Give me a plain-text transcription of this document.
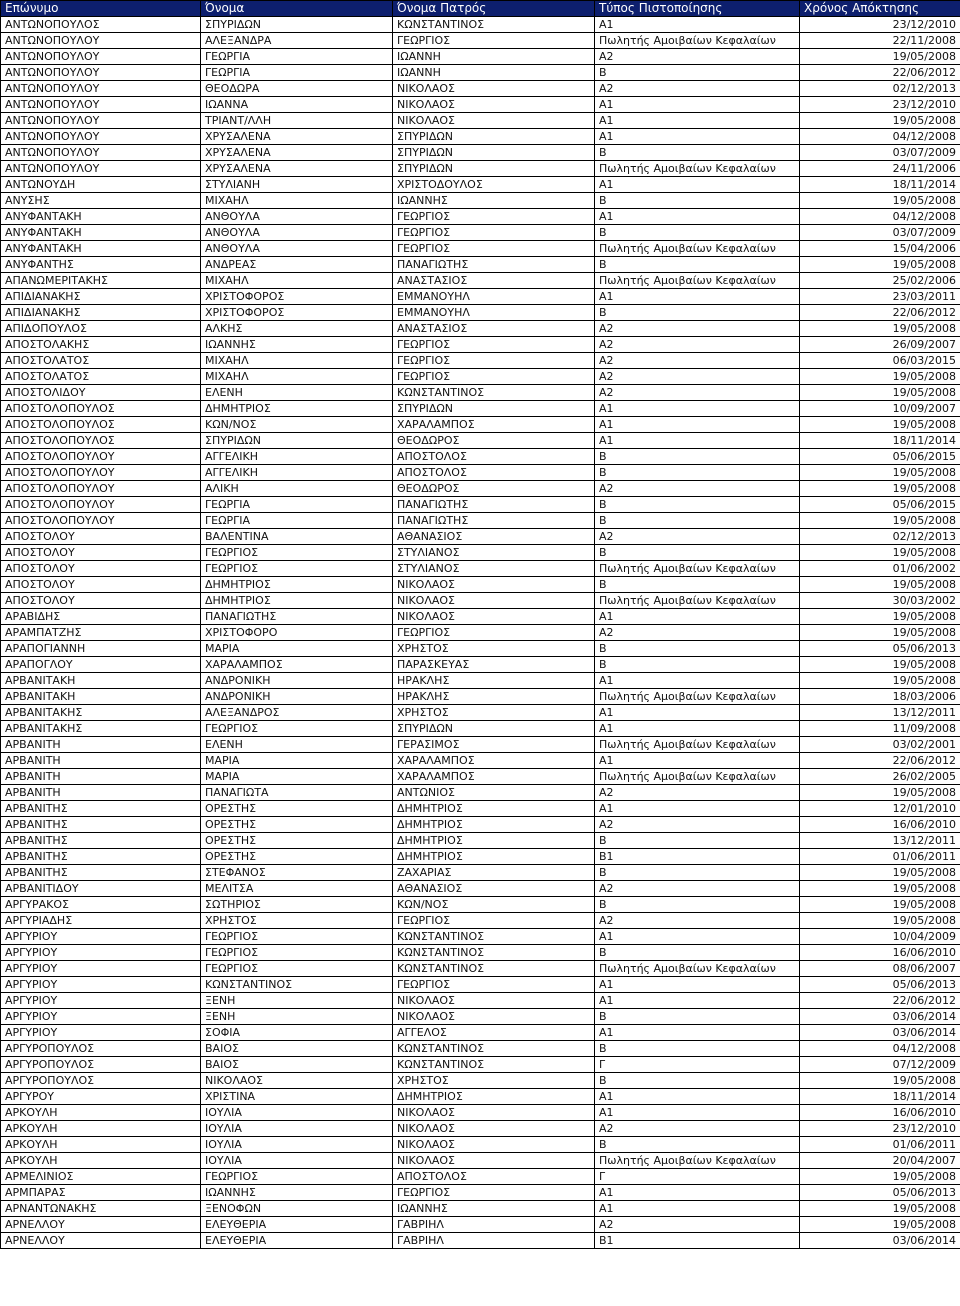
Επώνυμο	Όνομα	Όνομα Πατρός	Τύπος Πιστοποίησης	Χρόνος Απόκτησης
ΑΝΤΩΝΟΠΟΥΛΟΣ	ΣΠΥΡΙΔΩΝ	ΚΩΝΣΤΑΝΤΙΝΟΣ	Α1	23/12/2010
ΑΝΤΩΝΟΠΟΥΛΟΥ	ΑΛΕΞΑΝΔΡΑ	ΓΕΩΡΓΙΟΣ	Πωλητής Αμοιβαίων Κεφαλαίων	22/11/2008
ΑΝΤΩΝΟΠΟΥΛΟΥ	ΓΕΩΡΓΙΑ	ΙΩΑΝΝΗ	Α2	19/05/2008
ΑΝΤΩΝΟΠΟΥΛΟΥ	ΓΕΩΡΓΙΑ	ΙΩΑΝΝΗ	Β	22/06/2012
ΑΝΤΩΝΟΠΟΥΛΟΥ	ΘΕΟΔΩΡΑ	ΝΙΚΟΛΑΟΣ	Α2	02/12/2013
ΑΝΤΩΝΟΠΟΥΛΟΥ	ΙΩΑΝΝΑ	ΝΙΚΟΛΑΟΣ	Α1	23/12/2010
ΑΝΤΩΝΟΠΟΥΛΟΥ	ΤΡΙΑΝΤ/ΛΛΗ	ΝΙΚΟΛΑΟΣ	Α1	19/05/2008
ΑΝΤΩΝΟΠΟΥΛΟΥ	ΧΡΥΣΑΛΕΝΑ	ΣΠΥΡΙΔΩΝ	Α1	04/12/2008
ΑΝΤΩΝΟΠΟΥΛΟΥ	ΧΡΥΣΑΛΕΝΑ	ΣΠΥΡΙΔΩΝ	Β	03/07/2009
ΑΝΤΩΝΟΠΟΥΛΟΥ	ΧΡΥΣΑΛΕΝΑ	ΣΠΥΡΙΔΩΝ	Πωλητής Αμοιβαίων Κεφαλαίων	24/11/2006
ΑΝΤΩΝΟΥΔΗ	ΣΤΥΛΙΑΝΗ	ΧΡΙΣΤΟΔΟΥΛΟΣ	Α1	18/11/2014
ΑΝΥΣΗΣ	ΜΙΧΑΗΛ	ΙΩΑΝΝΗΣ	Β	19/05/2008
ΑΝΥΦΑΝΤΑΚΗ	ΑΝΘΟΥΛΑ	ΓΕΩΡΓΙΟΣ	Α1	04/12/2008
ΑΝΥΦΑΝΤΑΚΗ	ΑΝΘΟΥΛΑ	ΓΕΩΡΓΙΟΣ	Β	03/07/2009
ΑΝΥΦΑΝΤΑΚΗ	ΑΝΘΟΥΛΑ	ΓΕΩΡΓΙΟΣ	Πωλητής Αμοιβαίων Κεφαλαίων	15/04/2006
ΑΝΥΦΑΝΤΗΣ	ΑΝΔΡΕΑΣ	ΠΑΝΑΓΙΩΤΗΣ	Β	19/05/2008
ΑΠΑΝΩΜΕΡΙΤΑΚΗΣ	ΜΙΧΑΗΛ	ΑΝΑΣΤΑΣΙΟΣ	Πωλητής Αμοιβαίων Κεφαλαίων	25/02/2006
ΑΠΙΔΙΑΝΑΚΗΣ	ΧΡΙΣΤΟΦΟΡΟΣ	ΕΜΜΑΝΟΥΗΛ	Α1	23/03/2011
ΑΠΙΔΙΑΝΑΚΗΣ	ΧΡΙΣΤΟΦΟΡΟΣ	ΕΜΜΑΝΟΥΗΛ	Β	22/06/2012
ΑΠΙΔΟΠΟΥΛΟΣ	ΑΛΚΗΣ	ΑΝΑΣΤΑΣΙΟΣ	Α2	19/05/2008
ΑΠΟΣΤΟΛΑΚΗΣ	ΙΩΑΝΝΗΣ	ΓΕΩΡΓΙΟΣ	Α2	26/09/2007
ΑΠΟΣΤΟΛΑΤΟΣ	ΜΙΧΑΗΛ	ΓΕΩΡΓΙΟΣ	Α2	06/03/2015
ΑΠΟΣΤΟΛΑΤΟΣ	ΜΙΧΑΗΛ	ΓΕΩΡΓΙΟΣ	Α2	19/05/2008
ΑΠΟΣΤΟΛΙΔΟΥ	ΕΛΕΝΗ	ΚΩΝΣΤΑΝΤΙΝΟΣ	Α2	19/05/2008
ΑΠΟΣΤΟΛΟΠΟΥΛΟΣ	ΔΗΜΗΤΡΙΟΣ	ΣΠΥΡΙΔΩΝ	Α1	10/09/2007
ΑΠΟΣΤΟΛΟΠΟΥΛΟΣ	ΚΩΝ/ΝΟΣ	ΧΑΡΑΛΑΜΠΟΣ	Α1	19/05/2008
ΑΠΟΣΤΟΛΟΠΟΥΛΟΣ	ΣΠΥΡΙΔΩΝ	ΘΕΟΔΩΡΟΣ	Α1	18/11/2014
ΑΠΟΣΤΟΛΟΠΟΥΛΟΥ	ΑΓΓΕΛΙΚΗ	ΑΠΟΣΤΟΛΟΣ	Β	05/06/2015
ΑΠΟΣΤΟΛΟΠΟΥΛΟΥ	ΑΓΓΕΛΙΚΗ	ΑΠΟΣΤΟΛΟΣ	Β	19/05/2008
ΑΠΟΣΤΟΛΟΠΟΥΛΟΥ	ΑΛΙΚΗ	ΘΕΟΔΩΡΟΣ	Α2	19/05/2008
ΑΠΟΣΤΟΛΟΠΟΥΛΟΥ	ΓΕΩΡΓΙΑ	ΠΑΝΑΓΙΩΤΗΣ	Β	05/06/2015
ΑΠΟΣΤΟΛΟΠΟΥΛΟΥ	ΓΕΩΡΓΙΑ	ΠΑΝΑΓΙΩΤΗΣ	Β	19/05/2008
ΑΠΟΣΤΟΛΟΥ	ΒΑΛΕΝΤΙΝΑ	ΑΘΑΝΑΣΙΟΣ	Α2	02/12/2013
ΑΠΟΣΤΟΛΟΥ	ΓΕΩΡΓΙΟΣ	ΣΤΥΛΙΑΝΟΣ	Β	19/05/2008
ΑΠΟΣΤΟΛΟΥ	ΓΕΩΡΓΙΟΣ	ΣΤΥΛΙΑΝΟΣ	Πωλητής Αμοιβαίων Κεφαλαίων	01/06/2002
ΑΠΟΣΤΟΛΟΥ	ΔΗΜΗΤΡΙΟΣ	ΝΙΚΟΛΑΟΣ	Β	19/05/2008
ΑΠΟΣΤΟΛΟΥ	ΔΗΜΗΤΡΙΟΣ	ΝΙΚΟΛΑΟΣ	Πωλητής Αμοιβαίων Κεφαλαίων	30/03/2002
ΑΡΑΒΙΔΗΣ	ΠΑΝΑΓΙΩΤΗΣ	ΝΙΚΟΛΑΟΣ	Α1	19/05/2008
ΑΡΑΜΠΑΤΖΗΣ	ΧΡΙΣΤΟΦΟΡΟ	ΓΕΩΡΓΙΟΣ	Α2	19/05/2008
ΑΡΑΠΟΓΙΑΝΝΗ	ΜΑΡΙΑ	ΧΡΗΣΤΟΣ	Β	05/06/2013
ΑΡΑΠΟΓΛΟΥ	ΧΑΡΑΛΑΜΠΟΣ	ΠΑΡΑΣΚΕΥΑΣ	Β	19/05/2008
ΑΡΒΑΝΙΤΑΚΗ	ΑΝΔΡΟΝΙΚΗ	ΗΡΑΚΛΗΣ	Α1	19/05/2008
ΑΡΒΑΝΙΤΑΚΗ	ΑΝΔΡΟΝΙΚΗ	ΗΡΑΚΛΗΣ	Πωλητής Αμοιβαίων Κεφαλαίων	18/03/2006
ΑΡΒΑΝΙΤΑΚΗΣ	ΑΛΕΞΑΝΔΡΟΣ	ΧΡΗΣΤΟΣ	Α1	13/12/2011
ΑΡΒΑΝΙΤΑΚΗΣ	ΓΕΩΡΓΙΟΣ	ΣΠΥΡΙΔΩΝ	Α1	11/09/2008
ΑΡΒΑΝΙΤΗ	ΕΛΕΝΗ	ΓΕΡΑΣΙΜΟΣ	Πωλητής Αμοιβαίων Κεφαλαίων	03/02/2001
ΑΡΒΑΝΙΤΗ	ΜΑΡΙΑ	ΧΑΡΑΛΑΜΠΟΣ	Α1	22/06/2012
ΑΡΒΑΝΙΤΗ	ΜΑΡΙΑ	ΧΑΡΑΛΑΜΠΟΣ	Πωλητής Αμοιβαίων Κεφαλαίων	26/02/2005
ΑΡΒΑΝΙΤΗ	ΠΑΝΑΓΙΩΤΑ	ΑΝΤΩΝΙΟΣ	Α2	19/05/2008
ΑΡΒΑΝΙΤΗΣ	ΟΡΕΣΤΗΣ	ΔΗΜΗΤΡΙΟΣ	Α1	12/01/2010
ΑΡΒΑΝΙΤΗΣ	ΟΡΕΣΤΗΣ	ΔΗΜΗΤΡΙΟΣ	Α2	16/06/2010
ΑΡΒΑΝΙΤΗΣ	ΟΡΕΣΤΗΣ	ΔΗΜΗΤΡΙΟΣ	Β	13/12/2011
ΑΡΒΑΝΙΤΗΣ	ΟΡΕΣΤΗΣ	ΔΗΜΗΤΡΙΟΣ	Β1	01/06/2011
ΑΡΒΑΝΙΤΗΣ	ΣΤΕΦΑΝΟΣ	ΖΑΧΑΡΙΑΣ	Β	19/05/2008
ΑΡΒΑΝΙΤΙΔΟΥ	ΜΕΛΙΤΣΑ	ΑΘΑΝΑΣΙΟΣ	Α2	19/05/2008
ΑΡΓΥΡΑΚΟΣ	ΣΩΤΗΡΙΟΣ	ΚΩΝ/ΝΟΣ	Β	19/05/2008
ΑΡΓΥΡΙΑΔΗΣ	ΧΡΗΣΤΟΣ	ΓΕΩΡΓΙΟΣ	Α2	19/05/2008
ΑΡΓΥΡΙΟΥ	ΓΕΩΡΓΙΟΣ	ΚΩΝΣΤΑΝΤΙΝΟΣ	Α1	10/04/2009
ΑΡΓΥΡΙΟΥ	ΓΕΩΡΓΙΟΣ	ΚΩΝΣΤΑΝΤΙΝΟΣ	Β	16/06/2010
ΑΡΓΥΡΙΟΥ	ΓΕΩΡΓΙΟΣ	ΚΩΝΣΤΑΝΤΙΝΟΣ	Πωλητής Αμοιβαίων Κεφαλαίων	08/06/2007
ΑΡΓΥΡΙΟΥ	ΚΩΝΣΤΑΝΤΙΝΟΣ	ΓΕΩΡΓΙΟΣ	Α1	05/06/2013
ΑΡΓΥΡΙΟΥ	ΞΕΝΗ	ΝΙΚΟΛΑΟΣ	Α1	22/06/2012
ΑΡΓΥΡΙΟΥ	ΞΕΝΗ	ΝΙΚΟΛΑΟΣ	Β	03/06/2014
ΑΡΓΥΡΙΟΥ	ΣΟΦΙΑ	ΑΓΓΕΛΟΣ	Α1	03/06/2014
ΑΡΓΥΡΟΠΟΥΛΟΣ	ΒΑΙΟΣ	ΚΩΝΣΤΑΝΤΙΝΟΣ	Β	04/12/2008
ΑΡΓΥΡΟΠΟΥΛΟΣ	ΒΑΙΟΣ	ΚΩΝΣΤΑΝΤΙΝΟΣ	Γ	07/12/2009
ΑΡΓΥΡΟΠΟΥΛΟΣ	ΝΙΚΟΛΑΟΣ	ΧΡΗΣΤΟΣ	Β	19/05/2008
ΑΡΓΥΡΟΥ	ΧΡΙΣΤΙΝΑ	ΔΗΜΗΤΡΙΟΣ	Α1	18/11/2014
ΑΡΚΟΥΛΗ	ΙΟΥΛΙΑ	ΝΙΚΟΛΑΟΣ	Α1	16/06/2010
ΑΡΚΟΥΛΗ	ΙΟΥΛΙΑ	ΝΙΚΟΛΑΟΣ	Α2	23/12/2010
ΑΡΚΟΥΛΗ	ΙΟΥΛΙΑ	ΝΙΚΟΛΑΟΣ	Β	01/06/2011
ΑΡΚΟΥΛΗ	ΙΟΥΛΙΑ	ΝΙΚΟΛΑΟΣ	Πωλητής Αμοιβαίων Κεφαλαίων	20/04/2007
ΑΡΜΕΛΙΝΙΟΣ	ΓΕΩΡΓΙΟΣ	ΑΠΟΣΤΟΛΟΣ	Γ	19/05/2008
ΑΡΜΠΑΡΑΣ	ΙΩΑΝΝΗΣ	ΓΕΩΡΓΙΟΣ	Α1	05/06/2013
ΑΡΝΑΝΤΩΝΑΚΗΣ	ΞΕΝΟΦΩΝ	ΙΩΑΝΝΗΣ	Α1	19/05/2008
ΑΡΝΕΛΛΟΥ	ΕΛΕΥΘΕΡΙΑ	ΓΑΒΡΙΗΛ	Α2	19/05/2008
ΑΡΝΕΛΛΟΥ	ΕΛΕΥΘΕΡΙΑ	ΓΑΒΡΙΗΛ	Β1	03/06/2014
